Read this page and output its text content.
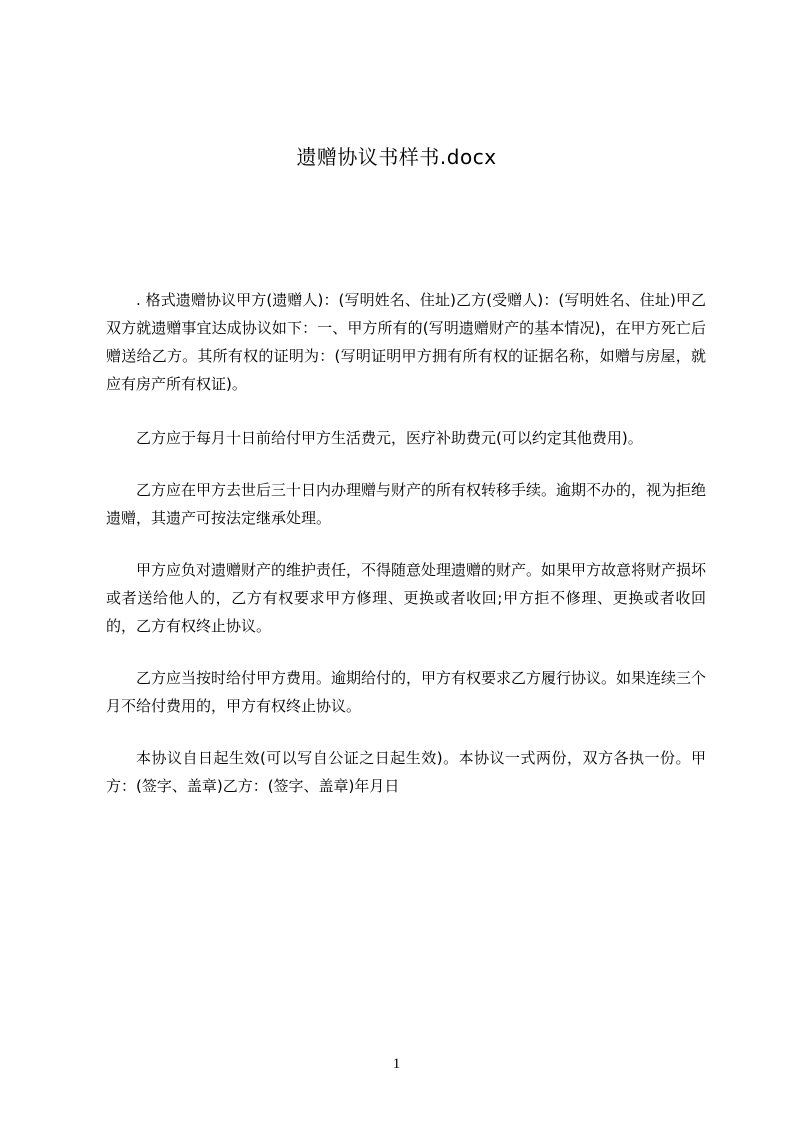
遗赠协议书样书.docx

. 格式遗赠协议甲方(遗赠人)：(写明姓名、住址)乙方(受赠人)：(写明姓名、住址)甲乙双方就遗赠事宜达成协议如下：一、甲方所有的(写明遗赠财产的基本情况)，在甲方死亡后赠送给乙方。其所有权的证明为：(写明证明甲方拥有所有权的证据名称，如赠与房屋，就应有房产所有权证)。

乙方应于每月十日前给付甲方生活费元，医疗补助费元(可以约定其他费用)。

乙方应在甲方去世后三十日内办理赠与财产的所有权转移手续。逾期不办的，视为拒绝遗赠，其遗产可按法定继承处理。

甲方应负对遗赠财产的维护责任，不得随意处理遗赠的财产。如果甲方故意将财产损坏或者送给他人的，乙方有权要求甲方修理、更换或者收回;甲方拒不修理、更换或者收回的，乙方有权终止协议。

乙方应当按时给付甲方费用。逾期给付的，甲方有权要求乙方履行协议。如果连续三个月不给付费用的，甲方有权终止协议。

本协议自日起生效(可以写自公证之日起生效)。本协议一式两份，双方各执一份。甲方：(签字、盖章)乙方：(签字、盖章)年月日

1
